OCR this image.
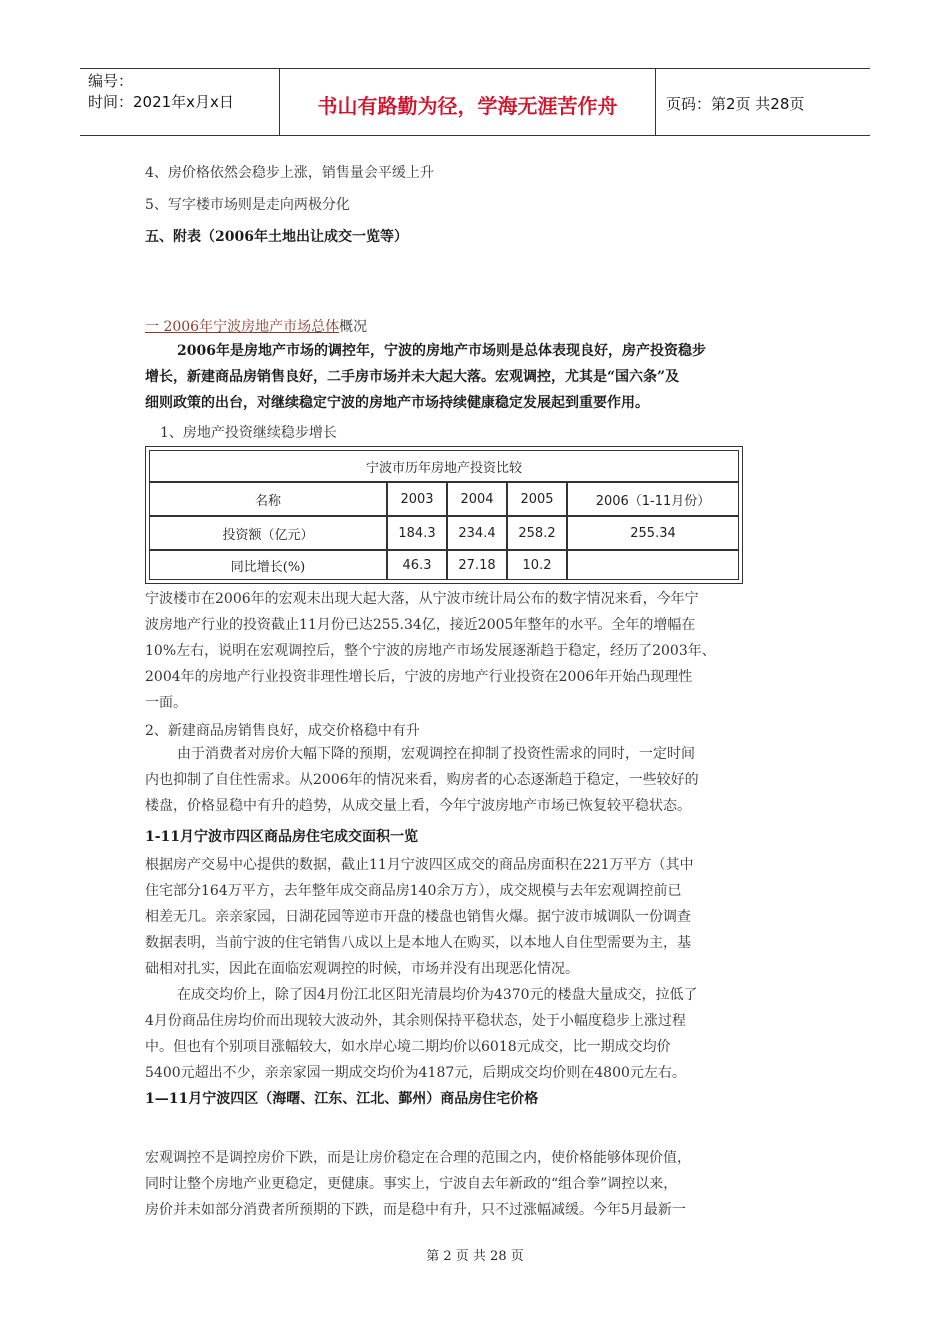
编号：
时间：2021年x月x日	书山有路勤为径，学海无涯苦作舟	页码：第2页 共28页
4、房价格依然会稳步上涨，销售量会平缓上升
5、写字楼市场则是走向两极分化
五、附表（2006年土地出让成交一览等）
一 2006年宁波房地产市场总体概况
2006年是房地产市场的调控年，宁波的房地产市场则是总体表现良好，房产投资稳步
增长，新建商品房销售良好，二手房市场并未大起大落。宏观调控，尤其是“国六条”及
细则政策的出台，对继续稳定宁波的房地产市场持续健康稳定发展起到重要作用。
1、房地产投资继续稳步增长
宁波市历年房地产投资比较
名称	2003	2004	2005	2006（1-11月份）
投资额（亿元）	184.3	234.4	258.2	255.34
同比增长(%)	46.3	27.18	10.2
宁波楼市在2006年的宏观未出现大起大落，从宁波市统计局公布的数字情况来看，今年宁
波房地产行业的投资截止11月份已达255.34亿，接近2005年整年的水平。全年的增幅在
10%左右，说明在宏观调控后，整个宁波的房地产市场发展逐渐趋于稳定，经历了2003年、
2004年的房地产行业投资非理性增长后，宁波的房地产行业投资在2006年开始凸现理性
一面。
2、新建商品房销售良好，成交价格稳中有升
由于消费者对房价大幅下降的预期，宏观调控在抑制了投资性需求的同时，一定时间
内也抑制了自住性需求。从2006年的情况来看，购房者的心态逐渐趋于稳定，一些较好的
楼盘，价格显稳中有升的趋势，从成交量上看，今年宁波房地产市场已恢复较平稳状态。
1-11月宁波市四区商品房住宅成交面积一览
根据房产交易中心提供的数据，截止11月宁波四区成交的商品房面积在221万平方（其中
住宅部分164万平方，去年整年成交商品房140余万方），成交规模与去年宏观调控前已
相差无几。亲亲家园，日湖花园等逆市开盘的楼盘也销售火爆。据宁波市城调队一份调查
数据表明，当前宁波的住宅销售八成以上是本地人在购买，以本地人自住型需要为主，基
础相对扎实，因此在面临宏观调控的时候，市场并没有出现恶化情况。
在成交均价上，除了因4月份江北区阳光清晨均价为4370元的楼盘大量成交，拉低了
4月份商品住房均价而出现较大波动外，其余则保持平稳状态，处于小幅度稳步上涨过程
中。但也有个别项目涨幅较大，如水岸心境二期均价以6018元成交，比一期成交均价
5400元超出不少，亲亲家园一期成交均价为4187元，后期成交均价则在4800元左右。
1—11月宁波四区（海曙、江东、江北、鄞州）商品房住宅价格
宏观调控不是调控房价下跌，而是让房价稳定在合理的范围之内，使价格能够体现价值，
同时让整个房地产业更稳定，更健康。事实上，宁波自去年新政的“组合拳”调控以来，
房价并未如部分消费者所预期的下跌，而是稳中有升，只不过涨幅减缓。今年5月最新一
第 2 页 共 28 页
